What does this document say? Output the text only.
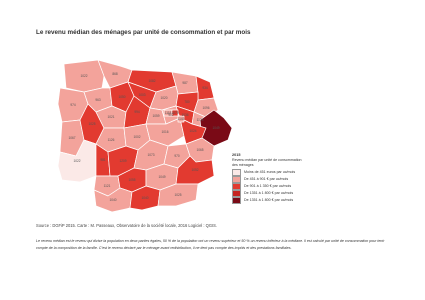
Le revenu médian des ménages par unité de consommation et par mois
1022	868
1082	987
934
974
963
1050	1003
1020
780
1096
1067
1025
1021
994
1059	902 1036
1178
1049
1126
1002
1016	1024
1022	981	1209
1073	970
1065
1121
1055
1049
1052
1040	1040
1025
1118 1075
1143
2015
Revenu médian par unité de consommation
des ménages
Moins de 451 euros par uc/mois
De 451 à 901 € par uc/mois
De 901 à 1 350 € par uc/mois
De 1351 à 1 800 € par uc/mois
De 1351 à 1 800 € par uc/mois
Source : DGFiP 2015. Carte : M. Passeaux, Observatoire de la société locale, 2016 Logiciel : QGIS.
Le revenu médian est le revenu qui divise la population en deux parties égales, 50 % de la population ont un revenu supérieur et 50 % un revenu inférieur à la médiane. Il est calculé par unité de consommation pour tenir compte de la composition de la famille. C'est le revenu déclaré par le ménage avant redistribution, il ne tient pas compte des impôts et des prestations familiales.
